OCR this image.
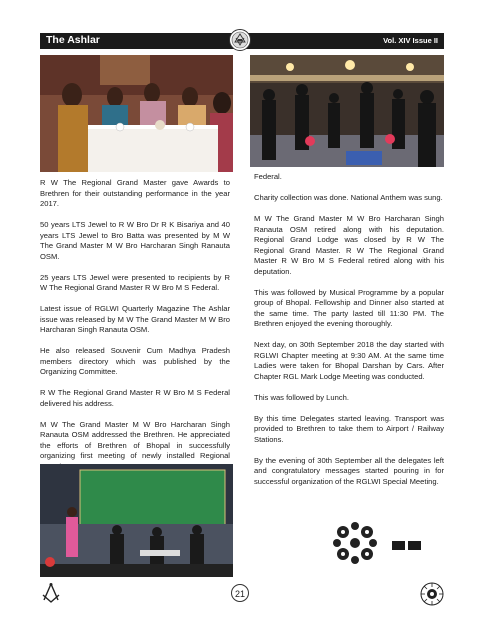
The Ashlar	Vol. XIV Issue II

R W The Regional Grand Master gave Awards to Brethren for their outstanding performance in the year 2017.

50 years LTS Jewel to R W Bro Dr R K Bisariya and 40 years LTS Jewel to Bro Batta was presented by M W The Grand Master M W Bro Harcharan Singh Ranauta OSM.

25 years LTS Jewel were presented to recipients by R W The Regional Grand Master R W Bro M S Federal.

Latest issue of RGLWI Quarterly Magazine The Ashlar issue was released by M W The Grand Master M W Bro Harcharan Singh Ranauta OSM.

He also released Souvenir Cum Madhya Pradesh members directory which was published by the Organizing Committee.

R W The Regional Grand Master R W Bro M S Federal delivered his address.

M W The Grand Master M W Bro Harcharan Singh Ranauta OSM addressed the Brethren. He appreciated the efforts of Brethren of Bhopal in successfully organizing first meeting of newly installed Regional

Federal.

Charity collection was done. National Anthem was sung.

M W The Grand Master M W Bro Harcharan Singh Ranauta OSM retired along with his deputation. Regional Grand Lodge was closed by R W The Regional Grand Master. R W The Regional Grand Master R W Bro M S Federal retired along with his deputation.

This was followed by Musical Programme by a popular group of Bhopal. Fellowship and Dinner also started at the same time. The party lasted till 11:30 PM. The Brethren enjoyed the evening thoroughly.

Next day, on 30th September 2018 the day started with RGLWI Chapter meeting at 9:30 AM. At the same time Ladies were taken for Bhopal Darshan by Cars. After Chapter RGL Mark Lodge Meeting was conducted.

This was followed by Lunch.

By this time Delegates started leaving. Transport was provided to Brethren to take them to Airport / Railway Stations.

By the evening of 30th September all the delegates left and congratulatory messages started pouring in for successful organization of the RGLWI Special Meeting.

21
